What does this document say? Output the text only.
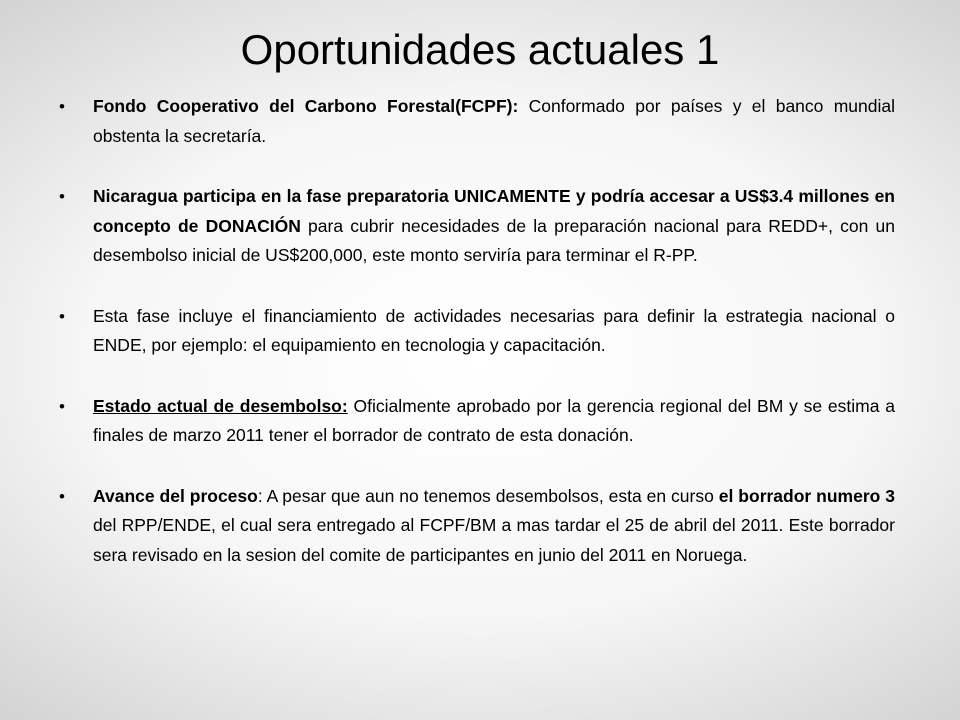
Oportunidades actuales 1
• Fondo Cooperativo del Carbono Forestal(FCPF): Conformado por países y el banco mundial obstenta la secretaría.
• Nicaragua participa en la fase preparatoria UNICAMENTE y podría accesar a US$3.4 millones en concepto de DONACIÓN para cubrir necesidades de la preparación nacional para REDD+, con un desembolso inicial de US$200,000, este monto serviría para terminar el R-PP.
• Esta fase incluye el financiamiento de actividades necesarias para definir la estrategia nacional o ENDE, por ejemplo: el equipamiento en tecnologia y capacitación.
• Estado actual de desembolso: Oficialmente aprobado por la gerencia regional del BM y se estima a finales de marzo 2011 tener el borrador de contrato de esta donación.
• Avance del proceso: A pesar que aun no tenemos desembolsos, esta en curso el borrador numero 3 del RPP/ENDE, el cual sera entregado al FCPF/BM a mas tardar el 25 de abril del 2011. Este borrador sera revisado en la sesion del comite de participantes en junio del 2011 en Noruega.
